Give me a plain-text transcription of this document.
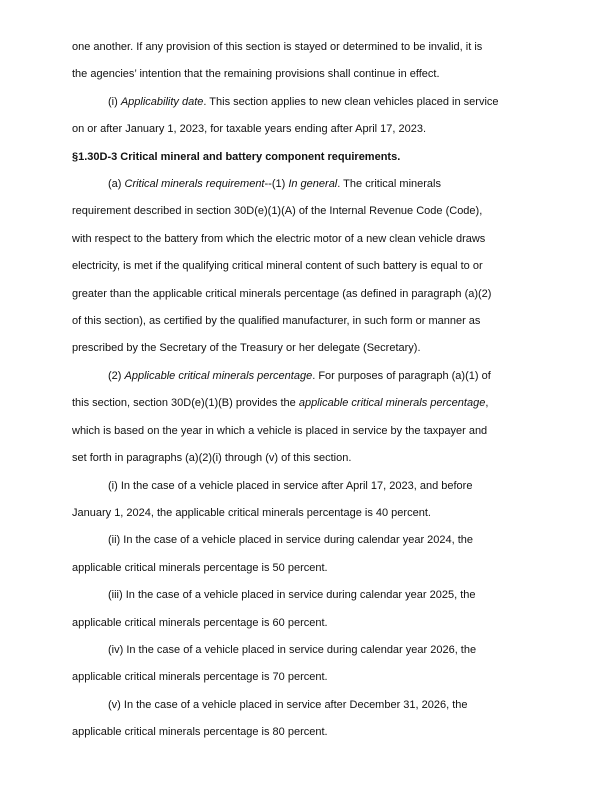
one another. If any provision of this section is stayed or determined to be invalid, it is
the agencies’ intention that the remaining provisions shall continue in effect.
(i) Applicability date. This section applies to new clean vehicles placed in service
on or after January 1, 2023, for taxable years ending after April 17, 2023.
§1.30D-3 Critical mineral and battery component requirements.
(a) Critical minerals requirement--(1) In general. The critical minerals
requirement described in section 30D(e)(1)(A) of the Internal Revenue Code (Code),
with respect to the battery from which the electric motor of a new clean vehicle draws
electricity, is met if the qualifying critical mineral content of such battery is equal to or
greater than the applicable critical minerals percentage (as defined in paragraph (a)(2)
of this section), as certified by the qualified manufacturer, in such form or manner as
prescribed by the Secretary of the Treasury or her delegate (Secretary).
(2) Applicable critical minerals percentage. For purposes of paragraph (a)(1) of
this section, section 30D(e)(1)(B) provides the applicable critical minerals percentage,
which is based on the year in which a vehicle is placed in service by the taxpayer and
set forth in paragraphs (a)(2)(i) through (v) of this section.
(i) In the case of a vehicle placed in service after April 17, 2023, and before
January 1, 2024, the applicable critical minerals percentage is 40 percent.
(ii) In the case of a vehicle placed in service during calendar year 2024, the
applicable critical minerals percentage is 50 percent.
(iii) In the case of a vehicle placed in service during calendar year 2025, the
applicable critical minerals percentage is 60 percent.
(iv) In the case of a vehicle placed in service during calendar year 2026, the
applicable critical minerals percentage is 70 percent.
(v) In the case of a vehicle placed in service after December 31, 2026, the
applicable critical minerals percentage is 80 percent.
